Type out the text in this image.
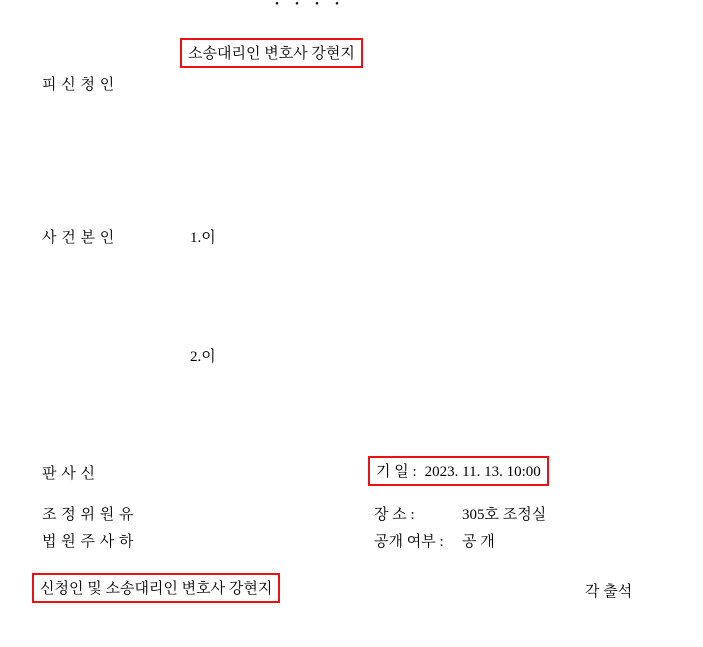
・・・・
소송대리인 변호사 강현지
피 신 청 인
사 건 본 인	1.이
2.이
판 사 신
조 정 위 원 유
법 원 주 사 하
기 일 : 2023. 11. 13. 10:00
장 소 :	305호 조정실
공개 여부 : 공 개
신청인 및 소송대리인 변호사 강현지	각 출석
